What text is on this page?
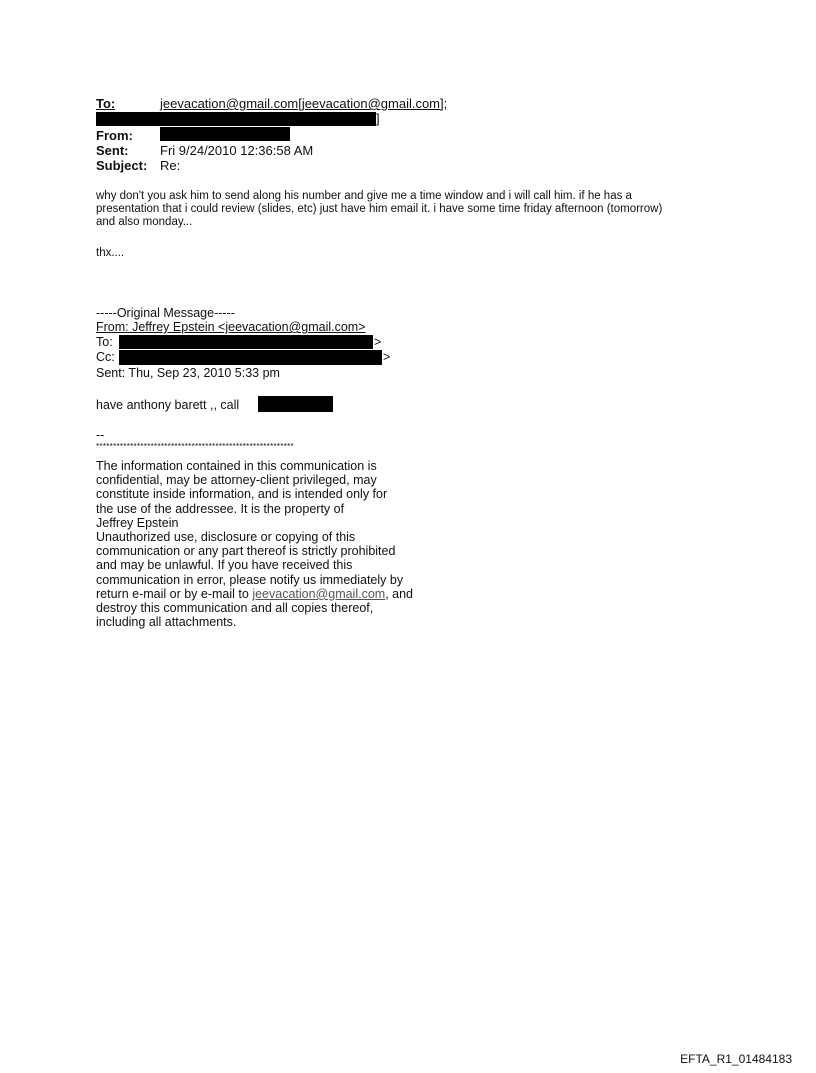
To:	jeevacation@gmail.com[jeevacation@gmail.com];
]
From:
Sent: Fri 9/24/2010 12:36:58 AM
Subject: Re:
why don't you ask him to send along his number and give me a time window and i will call him. if he has a
presentation that i could review (slides, etc) just have him email it. i have some time friday afternoon (tomorrow)
and also monday...
thx....
-----Original Message-----
From: Jeffrey Epstein <jeevacation@gmail.com>
To:	>
Cc:	>
Sent: Thu, Sep 23, 2010 5:33 pm
have anthony barett ,, call
--
**********************************************************
The information contained in this communication is
confidential, may be attorney-client privileged, may
constitute inside information, and is intended only for
the use of the addressee. It is the property of
Jeffrey Epstein
Unauthorized use, disclosure or copying of this
communication or any part thereof is strictly prohibited
and may be unlawful. If you have received this
communication in error, please notify us immediately by
return e-mail or by e-mail to jeevacation@gmail.com, and
destroy this communication and all copies thereof,
including all attachments.
EFTA_R1_01484183
